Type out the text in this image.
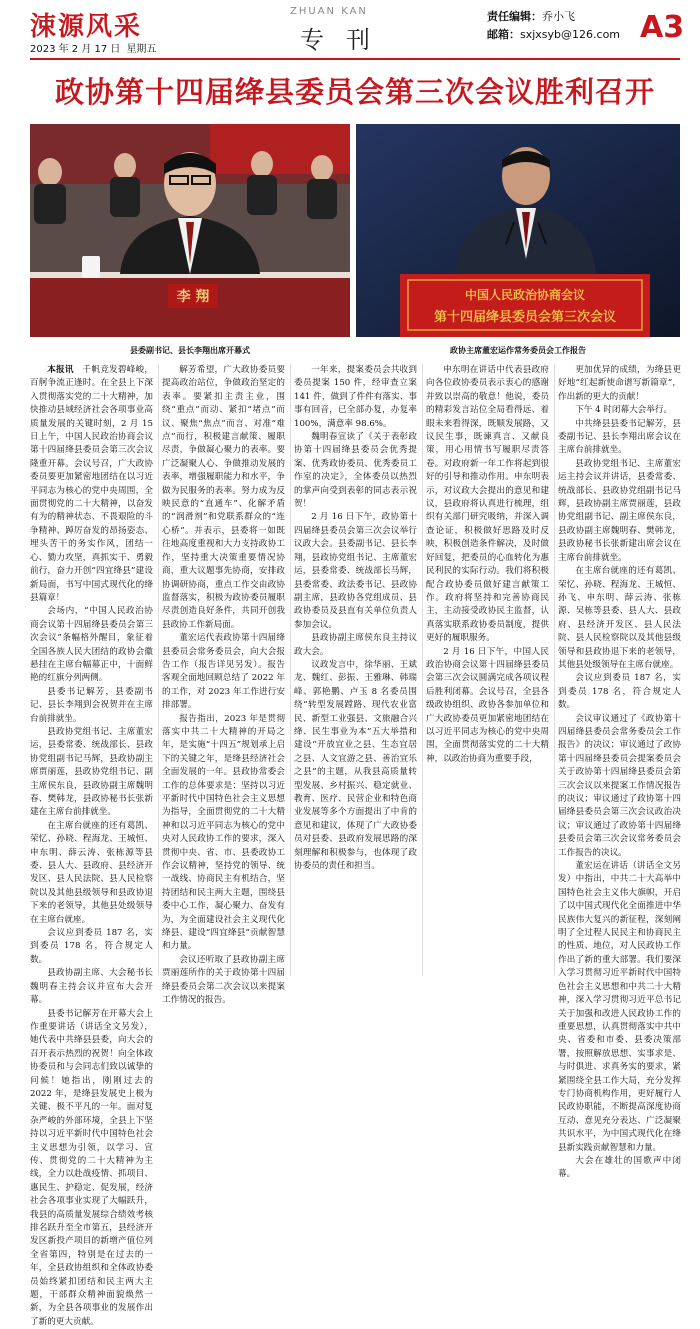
涑源风采
2023 年 2 月 17 日 星期五
ZHUAN KAN
专刊
责任编辑：乔小飞
邮箱：sxjxsyb@126.com A3
政协第十四届绛县委员会第三次会议胜利召开
李 翔	中国人民政治协商会议
第十四届绛县委员会第三次会议
县委副书记、县长李翔出席开幕式	政协主席董宏运作常务委员会工作报告

本报讯　 千帆竞发碧峰峻，百舸争流正逢时。在全县上下深入贯彻落实党的二十大精神，加快推动县域经济社会各项事业高质量发展的关键时刻，2 月 15 日上午，中国人民政治协商会议第十四届绛县委员会第三次会议隆重开幕。会议号召，广大政协委员要更加紧密地团结在以习近平同志为核心的党中央周围，全面贯彻党的二十大精神，以奋发有为的精神状态、不畏艰险的斗争精神、踔厉奋发的昂扬姿态、埋头苦干的务实作风，团结一心、勠力攻坚，真抓实干、勇毅前行，奋力开创“四宜绛县”建设新局面，书写中国式现代化的绛县篇章！

会场内，“中国人民政治协商会议第十四届绛县委员会第三次会议”条幅格外醒目，象征着全国各族人民大团结的政协会徽悬挂在主席台幅幕正中，十面鲜艳的红旗分列两侧。

县委书记解芳，县委副书记、县长李翔到会祝贺并在主席台前排就坐。

县政协党组书记、主席董宏运，县委常委、统战部长、县政协党组副书记马辉，县政协副主席贾丽莲，县政协党组书记、副主席侯东良，县政协副主席魏明春、樊韩龙，县政协秘书长张新建在主席台前排就坐。

在主席台就座的还有葛凯、荣忆、孙晓、程海龙、王城恒、申东明、薛云涛、张栋源等县委、县人大、县政府、县经济开发区、县人民法院、县人民检察院以及其他县级领导和县政协退下来的老领导，其他县处级领导在主席台就座。

会议应到委员 187 名，实到委员 178 名，符合规定人数。

县政协副主席、大会秘书长魏明春主持会议并宣布大会开幕。

县委书记解芳在开幕大会上作重要讲话（讲话全文另发），她代表中共绛县县委，向大会的召开表示热烈的祝贺！向全体政协委员和与会同志们致以诚挚的问候！她指出，刚刚过去的 2022 年，是绛县发展史上极为关键、极不平凡的一年。面对复杂严峻的外部环境，全县上下坚持以习近平新时代中国特色社会主义思想为引领，以学习、宣传、贯彻党的二十大精神为主线，全力以赴战疫情、抓项目、惠民生、护稳定、促发展，经济社会各项事业实现了大幅跃升，我县的高质量发展综合绩效考核排名跃升至全市第五，县经济开发区新投产项目的新增产值位列全省第四，特别是在过去的一年，全县政协组织和全体政协委员始终紧扣团结和民主两大主题，干部群众精神面貌焕然一新，为全县各项事业的发展作出了新的更大贡献。

解芳希望，广大政协委员要提高政治站位，争做政治坚定的表率。要紧扣主责主业，围绕“重点”而动、紧扣“堵点”而议、聚焦“焦点”而言、对准“难点”而行，积极建言献策、履职尽责，争做凝心聚力的表率。要广泛凝聚人心、争做推动发展的表率，增强履职能力和水平，争做为民服务的表率。努力成为反映民意的“直通车”、化解矛盾的“润滑剂”和党联系群众的“连心桥”。并表示，县委将一如既往地高度重视和大力支持政协工作，坚持重大决策重要情况协商，重大议题事先协商，安排政协调研协商，重点工作交由政协监督落实，积极为政协委员履职尽责创造良好条件，共同开创我县政协工作新局面。

董宏运代表政协第十四届绛县委员会常务委员会，向大会报告工作（报告详见另发）。报告客观全面地回顾总结了 2022 年的工作，对 2023 年工作进行安排部署。

报告指出，2023 年是贯彻落实中共二十大精神的开局之年，是实施“十四五”规划承上启下的关键之年，是绛县经济社会全面发展的一年。县政协常委会工作的总体要求是：坚持以习近平新时代中国特色社会主义思想为指导，全面贯彻党的二十大精神和以习近平同志为核心的党中央对人民政协工作的要求，深入贯彻中央、省、市、县委政协工作会议精神，坚持党的领导、统一战线、协商民主有机结合，坚持团结和民主两大主题，围绕县委中心工作，凝心聚力、奋发有为，为全面建设社会主义现代化绛县、建设“四宜绛县”贡献智慧和力量。

会议还听取了县政协副主席贾丽莲所作的关于政协第十四届绛县委员会第二次会议以来提案工作情况的报告。

一年来，提案委员会共收到委员提案 150 件，经审查立案 141 件，做到了件件有落实、事事有回音，已全部办复，办复率 100%，满意率 98.6%。

魏明春宣读了《关于表彰政协第十四届绛县委员会优秀提案、优秀政协委员、优秀委员工作室的决定》，全体委员以热烈的掌声向受到表彰的同志表示祝贺！

2 月 16 日下午，政协第十四届绛县委员会第三次会议举行议政大会。县委副书记、县长李翔，县政协党组书记、主席董宏运，县委常委、统战部长马辉，县委常委、政法委书记、县政协副主席，县政协各党组成员、县政协委员及县直有关单位负责人参加会议。

县政协副主席侯东良主持议政大会。

议政发言中，徐华丽、王斌龙、魏红、彭振、王雅琳、韩瑞峰、郭艳鹏、卢玉 8 名委员围绕“转型发展蹚路、现代农业富民、新型工业强县、文旅融合兴绛、民生事业为本”五大举措和建设“开放宜业之县、生态宜居之县、人文宜游之县、善治宜乐之县”的主题，从我县高质量转型发展、乡村振兴、稳定就业、教育、医疗、民营企业和特色商业发展等多个方面提出了中肯的意见和建议，体现了广大政协委员对县委、县政府发展思路的深刻理解和积极参与，也体现了政协委员的责任和担当。

申东明在讲话中代表县政府向各位政协委员表示衷心的感谢并致以崇高的敬意！他说，委员的精彩发言站位全局看得远、着眼未来看得深，既顺发展路，又议民生事，既谏真言、又献良策，用心用情书写履职尽责答卷。对政府新一年工作将起到很好的引导和推动作用。申东明表示，对议政大会提出的意见和建议，县政府将认真进行梳理，组织有关部门研究吸纳，并深入调查论证，积极做好思路及时反映，积极创造条件解决，及时做好回复，把委员的心血转化为惠民利民的实际行动。我们将积极配合政协委员做好建言献策工作。政府将坚持和完善协商民主，主动接受政协民主监督，认真落实联系政协委员制度，提供更好的履职服务。

2 月 16 日下午，中国人民政治协商会议第十四届绛县委员会第三次会议圆满完成各项议程后胜利闭幕。会议号召，全县各级政协组织、政协各参加单位和广大政协委员更加紧密地团结在以习近平同志为核心的党中央周围，全面贯彻落实党的二十大精神，以政治协商为重要手段，

更加优异的成绩，为绛县更好地“红起新使命谱写新篇章”，作出新的更大的贡献！

下午 4 时闭幕大会举行。

中共绛县县委书记解芳，县委副书记、县长李翔出席会议在主席台前排就坐。

县政协党组书记、主席董宏运主持会议并讲话，县委常委、统战部长、县政协党组副书记马辉，县政协副主席贾丽莲，县政协党组副书记、副主席侯东良，县政协副主席魏明春、樊韩龙，县政协秘书长张新建出席会议在主席台前排就坐。

在主席台就座的还有葛凯、荣忆、孙晓、程海龙、王城恒、孙飞、申东明、薛云涛、张栋源、吴栋等县委、县人大、县政府、县经济开发区、县人民法院、县人民检察院以及其他县级领导和县政协退下来的老领导，其他县处级领导在主席台就座。

会议应到委员 187 名，实到委员 178 名，符合规定人数。

会议审议通过了《政协第十四届绛县委员会常务委员会工作报告》的决议；审议通过了政协第十四届绛县委员会提案委员会关于政协第十四届绛县委员会第三次会议以来提案工作情况报告的决议；审议通过了政协第十四届绛县委员会第三次会议政治决议；审议通过了政协第十四届绛县委员会第三次会议常务委员会工作报告的决议。

董宏运在讲话（讲话全文另发）中指出，中共二十大高举中国特色社会主义伟大旗帜，开启了以中国式现代化全面推进中华民族伟大复兴的新征程，深刻阐明了全过程人民民主和协商民主的性质、地位，对人民政协工作作出了新的重大部署。我们要深入学习贯彻习近平新时代中国特色社会主义思想和中共二十大精神，深入学习贯彻习近平总书记关于加强和改进人民政协工作的重要思想，认真贯彻落实中共中央、省委和市委、县委决策部署，按照解放思想、实事求是、与时俱进、求真务实的要求，紧紧围绕全县工作大局，充分发挥专门协商机构作用，更好履行人民政协职能，不断提高深度协商互动、意见充分表达、广泛凝聚共识水平，为中国式现代化在绛县新实践贡献智慧和力量。

大会在雄壮的国歌声中闭幕。
